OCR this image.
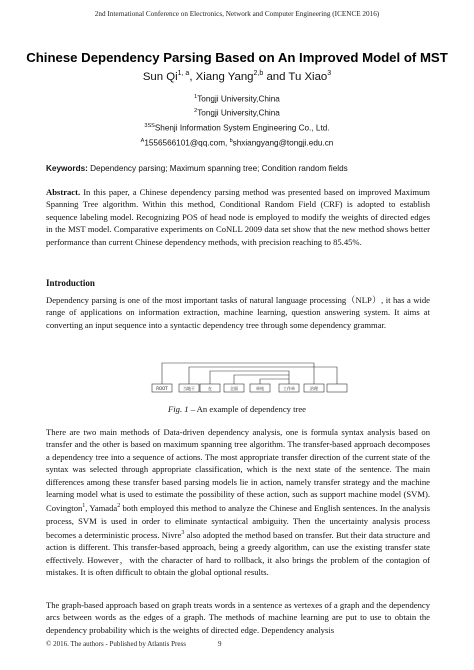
2nd International Conference on Electronics, Network and Computer Engineering (ICENCE 2016)
Chinese Dependency Parsing Based on An Improved Model of MST
Sun Qi$^{1, a}$, Xiang Yang$^{2,b}$ and Tu Xiao$^3$
$^1$Tongji University,China
$^2$Tongji University,China
$^{3SS}$Shenji Information System Engineering Co., Ltd.
$^A$1556566101@qq.com, $^b$shxiangyang@tongji.edu.cn
Keywords: Dependency parsing; Maximum spanning tree; Condition random fields
Abstract. In this paper, a Chinese dependency parsing method was presented based on improved Maximum Spanning Tree algorithm. Within this method, Conditional Random Field (CRF) is adopted to establish sequence labeling model. Recognizing POS of head node is employed to modify the weights of directed edges in the MST model. Comparative experiments on CoNLL 2009 data set show that the new method shows better performance than current Chinese dependency methods, with precision reaching to 85.45%.
Introduction
Dependency parsing is one of the most important tasks of natural language processing（NLP）, it has a wide range of applications on information extraction, machine learning, question answering system. It aims at converting an input sequence into a syntactic dependency tree through some dependency grammar.
ROOT	当地干	在	全面	单纯	工作单	治理
Fig. 1 – An example of dependency tree
There are two main methods of Data-driven dependency analysis, one is formula syntax analysis based on transfer and the other is based on maximum spanning tree algorithm. The transfer-based approach decomposes a dependency tree into a sequence of actions. The most appropriate transfer direction of the current state of the syntax was selected through appropriate classification, which is the next state of the sentence. The main differences among these transfer based parsing models lie in action, namely transfer strategy and the machine learning model what is used to estimate the possibility of these action, such as support machine model (SVM). Covington$^1$, Yamada$^2$ both employed this method to analyze the Chinese and English sentences. In the analysis process, SVM is used in order to eliminate syntactical ambiguity. Then the uncertainty analysis process becomes a deterministic process. Nivre$^3$ also adopted the method based on transfer. But their data structure and action is different. This transfer-based approach, being a greedy algorithm, can use the existing transfer state effectively. However，with the character of hard to rollback, it also brings the problem of the contagion of mistakes. It is often difficult to obtain the global optional results.
The graph-based approach based on graph treats words in a sentence as vertexes of a graph and the dependency arcs between words as the edges of a graph. The methods of machine learning are put to use to obtain the dependency probability which is the weights of directed edge. Dependency analysis
© 2016. The authors - Published by Atlantis Press	9
